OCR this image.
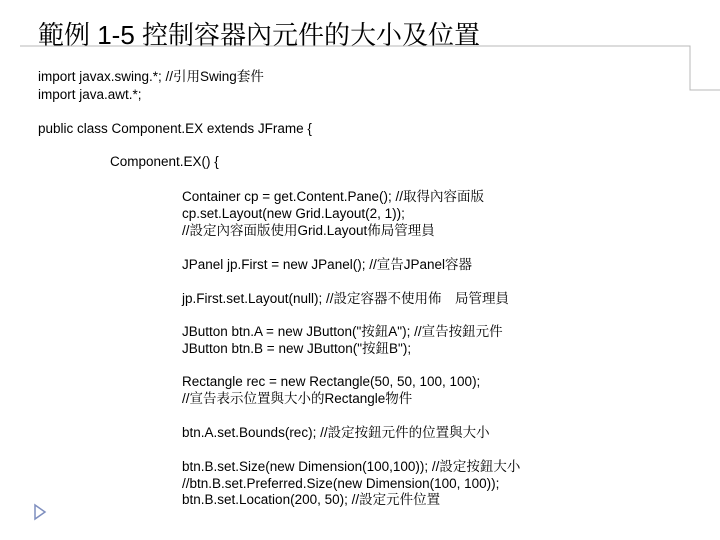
範例 1-5 控制容器內元件的大小及位置
import javax.swing.*; //引用Swing套件
import java.awt.*;
public class Component.EX extends JFrame {
Component.EX() {
Container cp = get.Content.Pane(); //取得內容面版
cp.set.Layout(new Grid.Layout(2, 1));
//設定內容面版使用Grid.Layout佈局管理員
JPanel jp.First = new JPanel(); //宣告JPanel容器
jp.First.set.Layout(null); //設定容器不使用佈　局管理員
JButton btn.A = new JButton("按鈕A"); //宣告按鈕元件
JButton btn.B = new JButton("按鈕B");
Rectangle rec = new Rectangle(50, 50, 100, 100);
//宣告表示位置與大小的Rectangle物件
btn.A.set.Bounds(rec); //設定按鈕元件的位置與大小
btn.B.set.Size(new Dimension(100,100)); //設定按鈕大小
//btn.B.set.Preferred.Size(new Dimension(100, 100));
btn.B.set.Location(200, 50); //設定元件位置
